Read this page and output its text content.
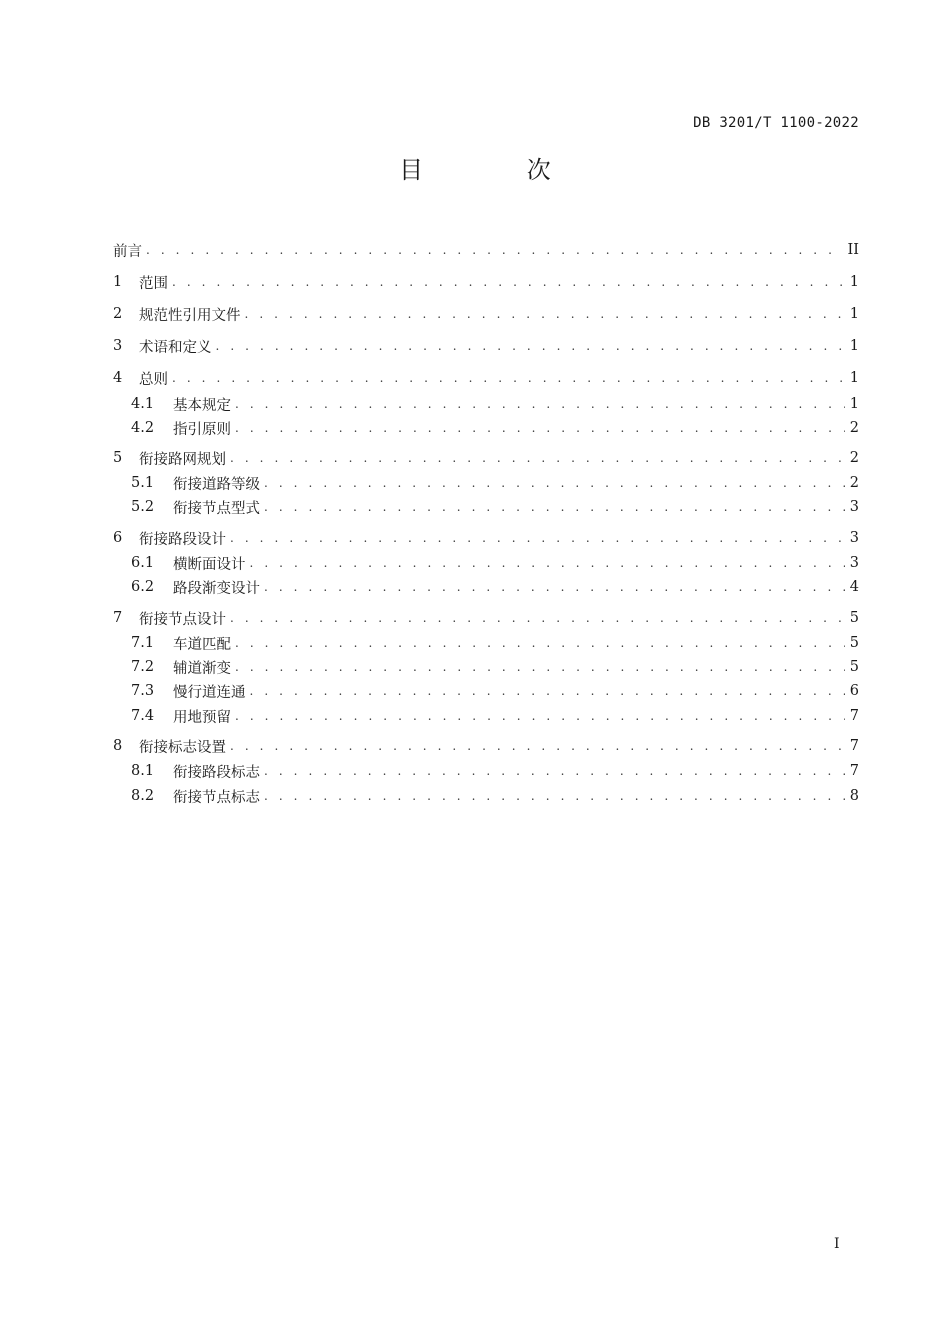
DB 3201/T 1100-2022
目 次
前言 . . .	II
1	范围 . . .	1
2	规范性引用文件 . . .	1
3	术语和定义 . . .	1
4	总则 . . .	1
4.1	基本规定 . . .	1
4.2	指引原则 . . .	2
5	衔接路网规划 . . .	2
5.1	衔接道路等级 . . .	2
5.2	衔接节点型式 . . .	3
6	衔接路段设计 . . .	3
6.1	横断面设计 . . .	3
6.2	路段渐变设计 . . .	4
7	衔接节点设计 . . .	5
7.1	车道匹配 . . .	5
7.2	辅道渐变 . . .	5
7.3	慢行道连通 . . .	6
7.4	用地预留 . . .	7
8	衔接标志设置 . . .	7
8.1	衔接路段标志 . . .	7
8.2	衔接节点标志 . . .	8
I
